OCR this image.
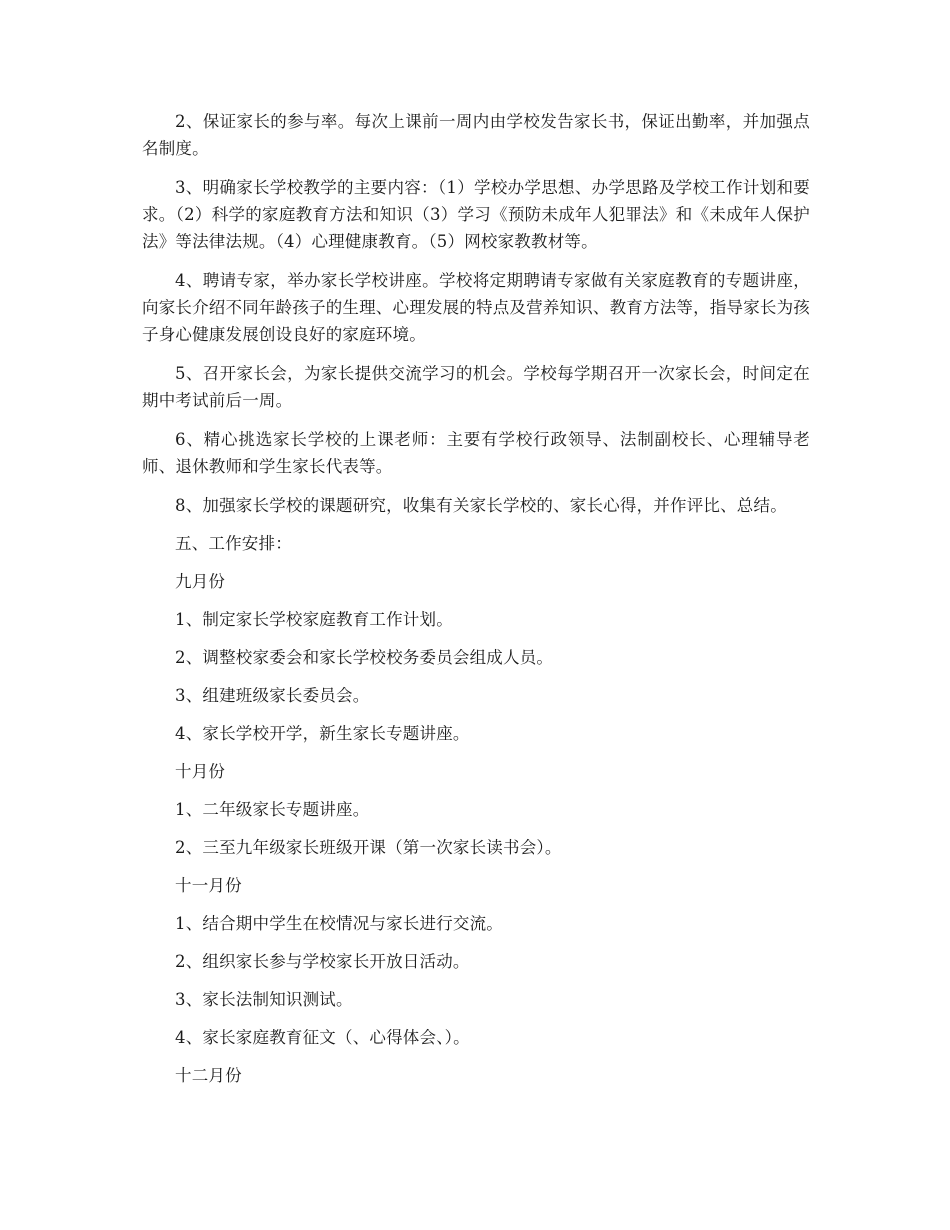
2、保证家长的参与率。每次上课前一周内由学校发告家长书，保证出勤率，并加强点名制度。

3、明确家长学校教学的主要内容：（1）学校办学思想、办学思路及学校工作计划和要求。（2）科学的家庭教育方法和知识（3）学习《预防未成年人犯罪法》和《未成年人保护法》等法律法规。（4）心理健康教育。（5）网校家教教材等。

4、聘请专家，举办家长学校讲座。学校将定期聘请专家做有关家庭教育的专题讲座，向家长介绍不同年龄孩子的生理、心理发展的特点及营养知识、教育方法等，指导家长为孩子身心健康发展创设良好的家庭环境。

5、召开家长会，为家长提供交流学习的机会。学校每学期召开一次家长会，时间定在期中考试前后一周。

6、精心挑选家长学校的上课老师：主要有学校行政领导、法制副校长、心理辅导老师、退休教师和学生家长代表等。

8、加强家长学校的课题研究，收集有关家长学校的、家长心得，并作评比、总结。

五、工作安排：

九月份

1、制定家长学校家庭教育工作计划。

2、调整校家委会和家长学校校务委员会组成人员。

3、组建班级家长委员会。

4、家长学校开学，新生家长专题讲座。

十月份

1、二年级家长专题讲座。

2、三至九年级家长班级开课（第一次家长读书会）。

十一月份

1、结合期中学生在校情况与家长进行交流。

2、组织家长参与学校家长开放日活动。

3、家长法制知识测试。

4、家长家庭教育征文（、心得体会、）。

十二月份
